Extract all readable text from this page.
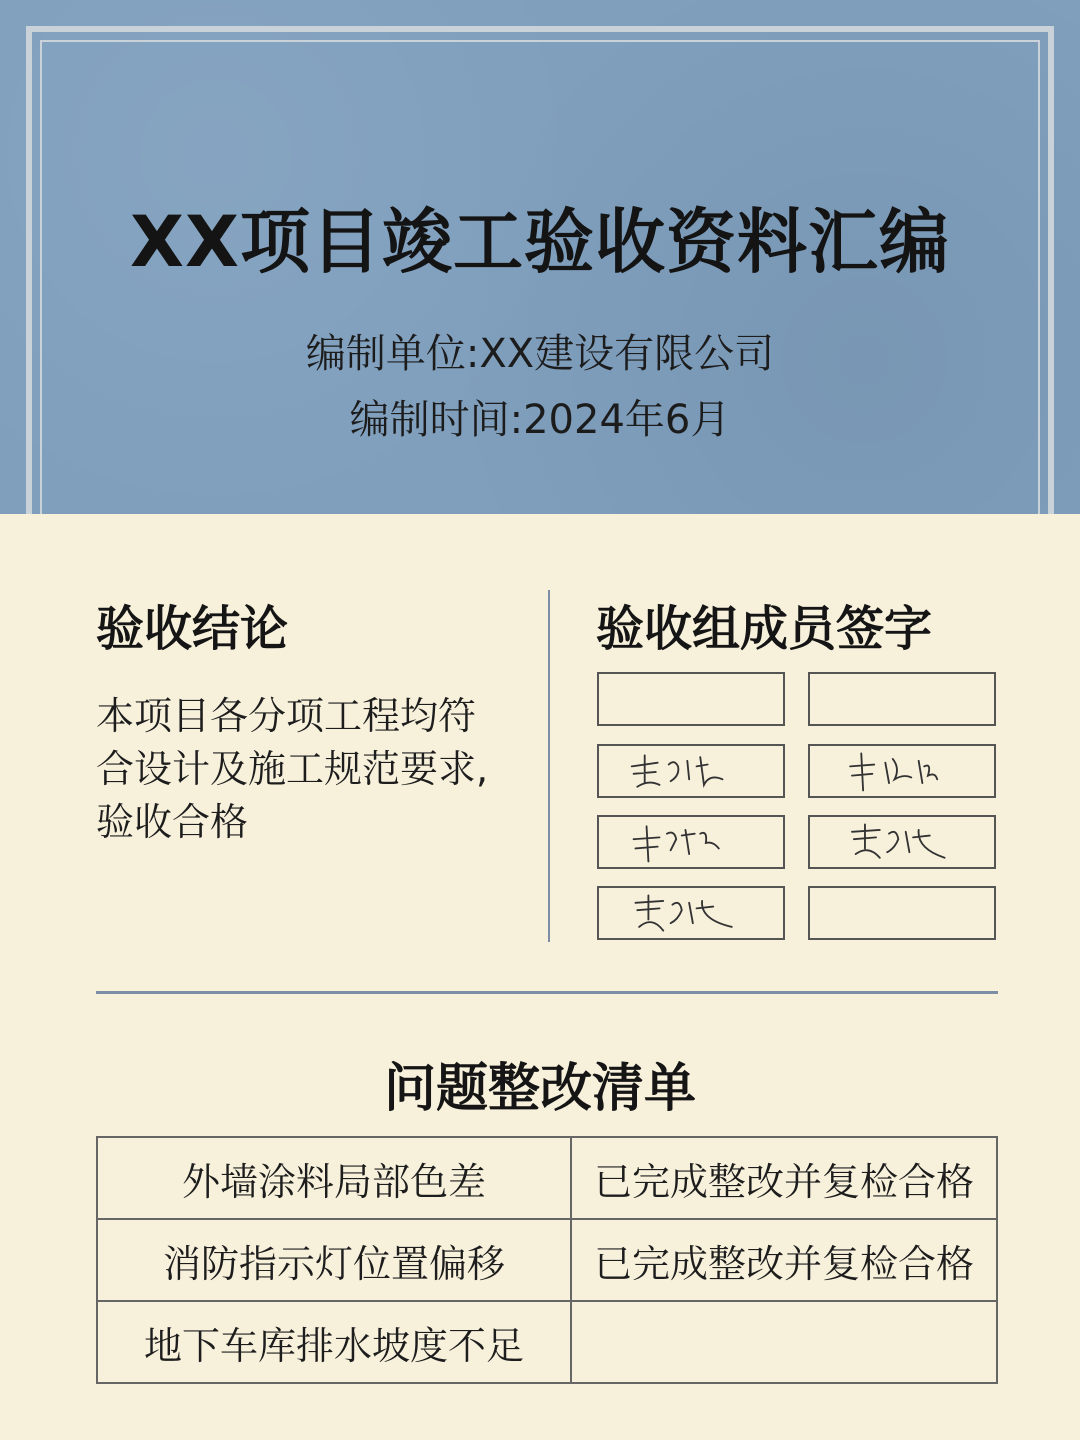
XX项目竣工验收资料汇编
编制单位:XX建设有限公司
编制时间:2024年6月
验收结论
本项目各分项工程均符
合设计及施工规范要求,
验收合格
验收组成员签字
问题整改清单
外墙涂料局部色差	已完成整改并复检合格
消防指示灯位置偏移	已完成整改并复检合格
地下车库排水坡度不足	
